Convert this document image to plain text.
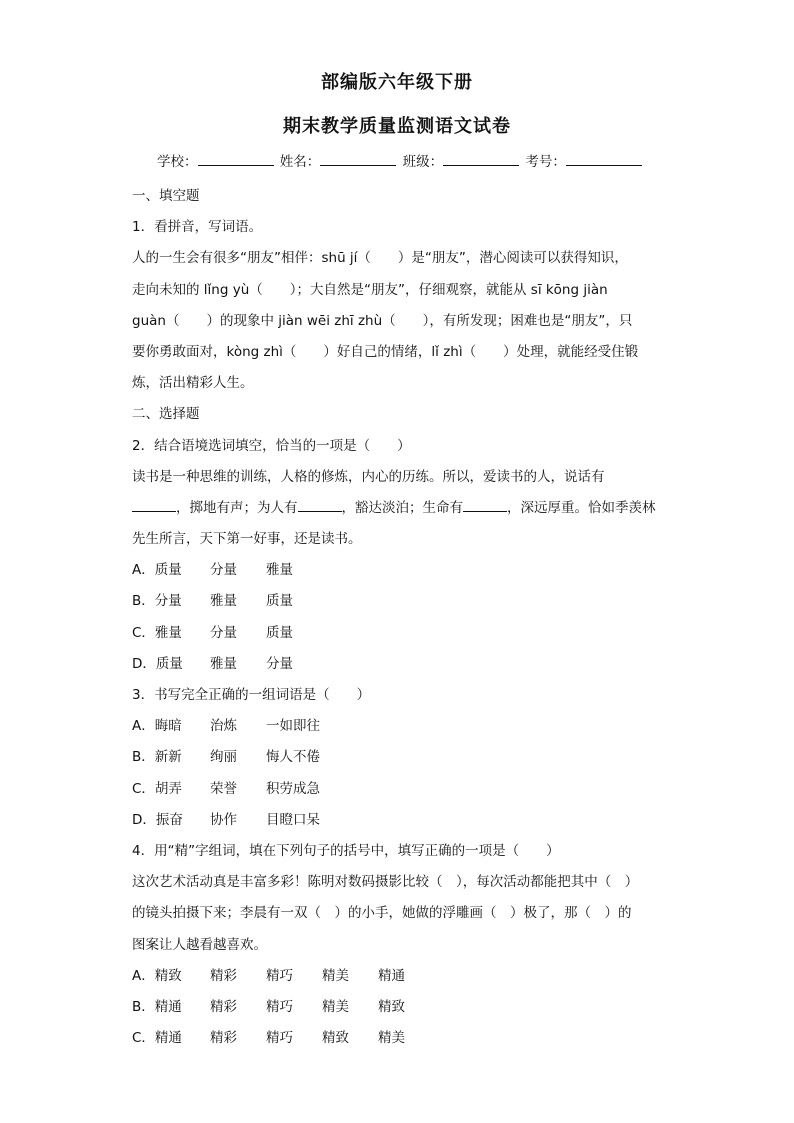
部编版六年级下册
期末教学质量监测语文试卷
学校：	姓名：	班级：	考号：
一、填空题
1．看拼音，写词语。
人的一生会有很多“朋友”相伴：shū jí（　　）是“朋友”，潜心阅读可以获得知识，
走向未知的 lǐng yù（　　）；大自然是“朋友”，仔细观察，就能从 sī kōng jiàn
guàn（　　）的现象中 jiàn wēi zhī zhù（　　），有所发现；困难也是“朋友”，只
要你勇敢面对，kòng zhì（　　）好自己的情绪，lǐ zhì（　　）处理，就能经受住锻
炼，活出精彩人生。
二、选择题
2．结合语境选词填空，恰当的一项是（　　）
读书是一种思维的训练，人格的修炼，内心的历练。所以，爱读书的人，说话有
，掷地有声；为人有	，豁达淡泊；生命有	，深远厚重。恰如季羡林
先生所言，天下第一好事，还是读书。
A．质量 分量 雅量
B．分量 雅量 质量
C．雅量 分量 质量
D．质量 雅量 分量
3．书写完全正确的一组词语是（　　）
A．晦暗 治炼 一如即往
B．新新 绚丽 悔人不倦
C．胡弄 荣誉 积劳成急
D．振奋 协作 目瞪口呆
4．用“精”字组词，填在下列句子的括号中，填写正确的一项是（　　）
这次艺术活动真是丰富多彩！陈明对数码摄影比较（　），每次活动都能把其中（　）
的镜头拍摄下来；李晨有一双（　）的小手，她做的浮雕画（　）极了，那（　）的
图案让人越看越喜欢。
A．精致 精彩 精巧 精美 精通
B．精通 精彩 精巧 精美 精致
C．精通 精彩 精巧 精致 精美
